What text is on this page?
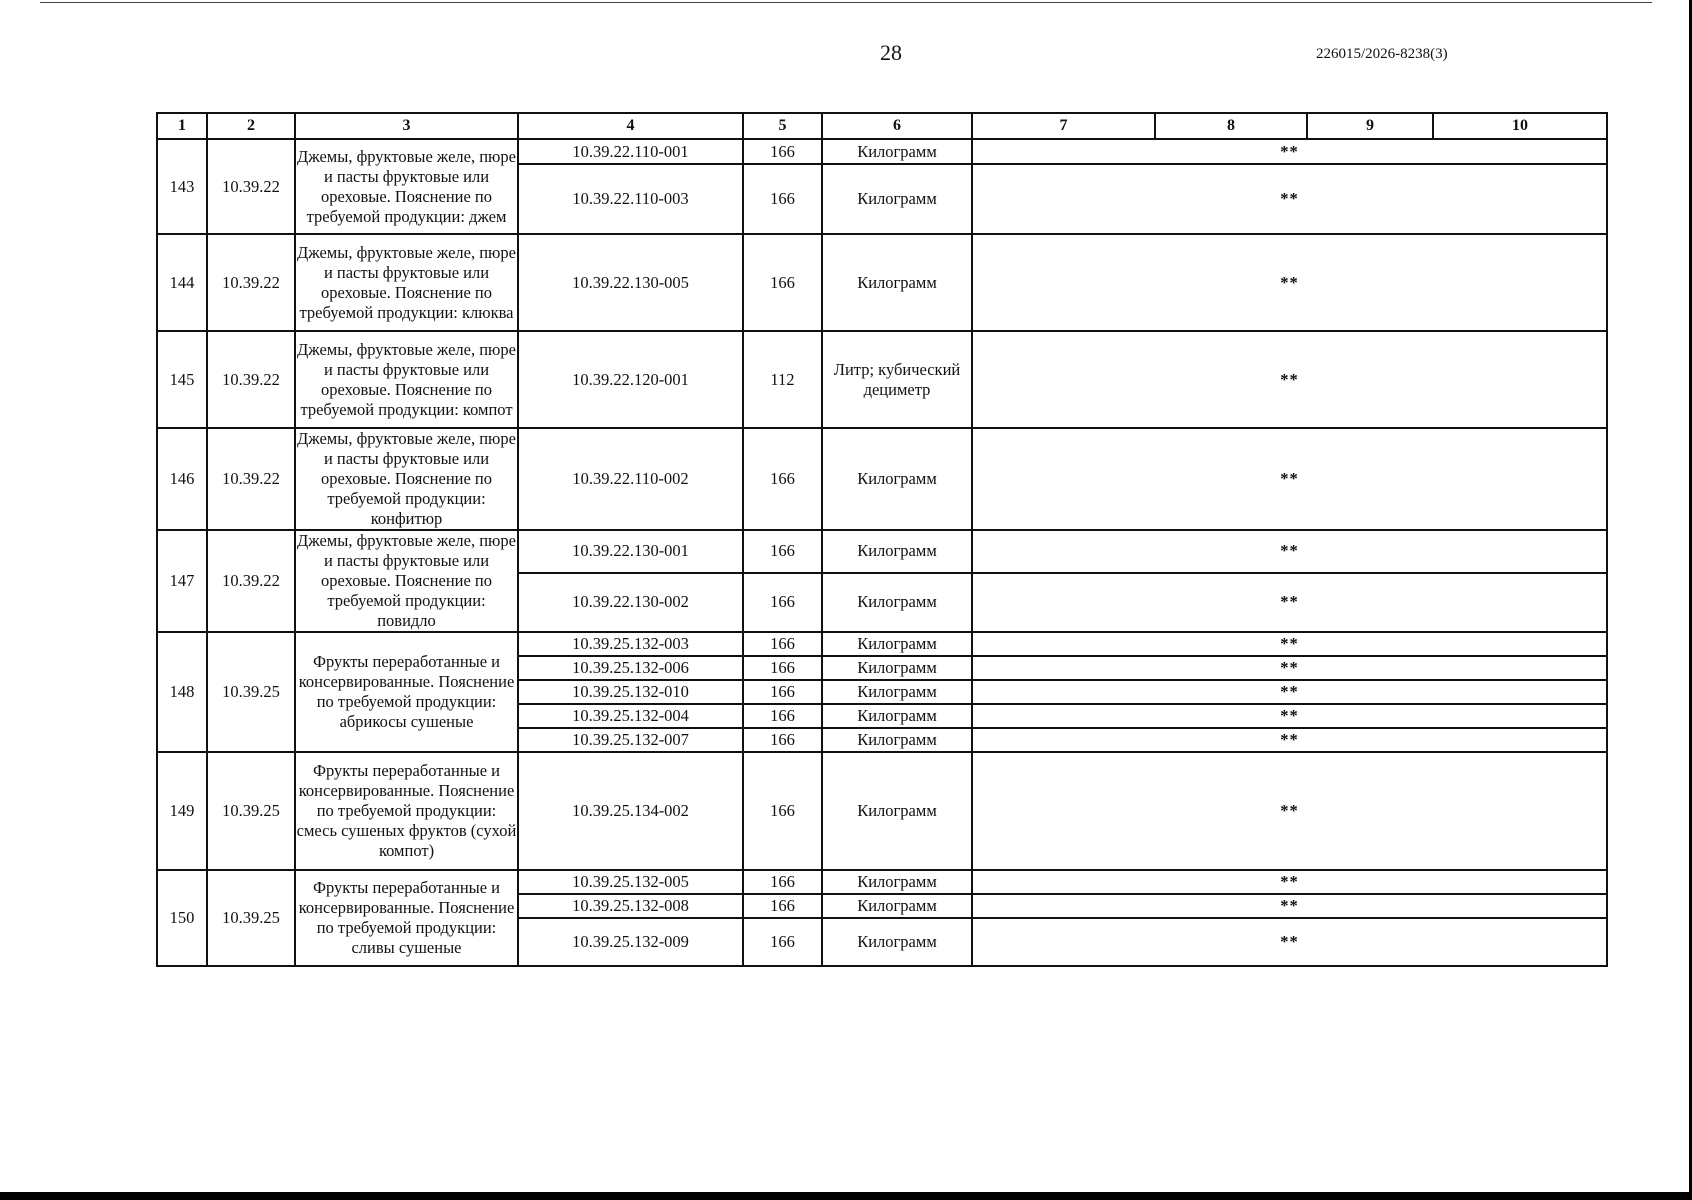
28	226015/2026-8238(3)
1	2	3	4	5	6	7	8	9	10
143	10.39.22	Джемы, фруктовые желе, пюре и пасты фруктовые или ореховые. Пояснение по требуемой продукции: джем	10.39.22.110-001	166	Килограмм	**			
			10.39.22.110-003	166	Килограмм	**			
144	10.39.22	Джемы, фруктовые желе, пюре и пасты фруктовые или ореховые. Пояснение по требуемой продукции: клюква	10.39.22.130-005	166	Килограмм	**			
145	10.39.22	Джемы, фруктовые желе, пюре и пасты фруктовые или ореховые. Пояснение по требуемой продукции: компот	10.39.22.120-001	112	Литр; кубический дециметр	**			
146	10.39.22	Джемы, фруктовые желе, пюре и пасты фруктовые или ореховые. Пояснение по требуемой продукции: конфитюр	10.39.22.110-002	166	Килограмм	**			
147	10.39.22	Джемы, фруктовые желе, пюре и пасты фруктовые или ореховые. Пояснение по требуемой продукции: повидло	10.39.22.130-001	166	Килограмм	**			
			10.39.22.130-002	166	Килограмм	**			
148	10.39.25	Фрукты переработанные и консервированные. Пояснение по требуемой продукции: абрикосы сушеные	10.39.25.132-003	166	Килограмм	**			
			10.39.25.132-006	166	Килограмм	**			
			10.39.25.132-010	166	Килограмм	**			
			10.39.25.132-004	166	Килограмм	**			
			10.39.25.132-007	166	Килограмм	**			
149	10.39.25	Фрукты переработанные и консервированные. Пояснение по требуемой продукции: смесь сушеных фруктов (сухой компот)	10.39.25.134-002	166	Килограмм	**			
150	10.39.25	Фрукты переработанные и консервированные. Пояснение по требуемой продукции: сливы сушеные	10.39.25.132-005	166	Килограмм	**			
			10.39.25.132-008	166	Килограмм	**			
			10.39.25.132-009	166	Килограмм	**			
